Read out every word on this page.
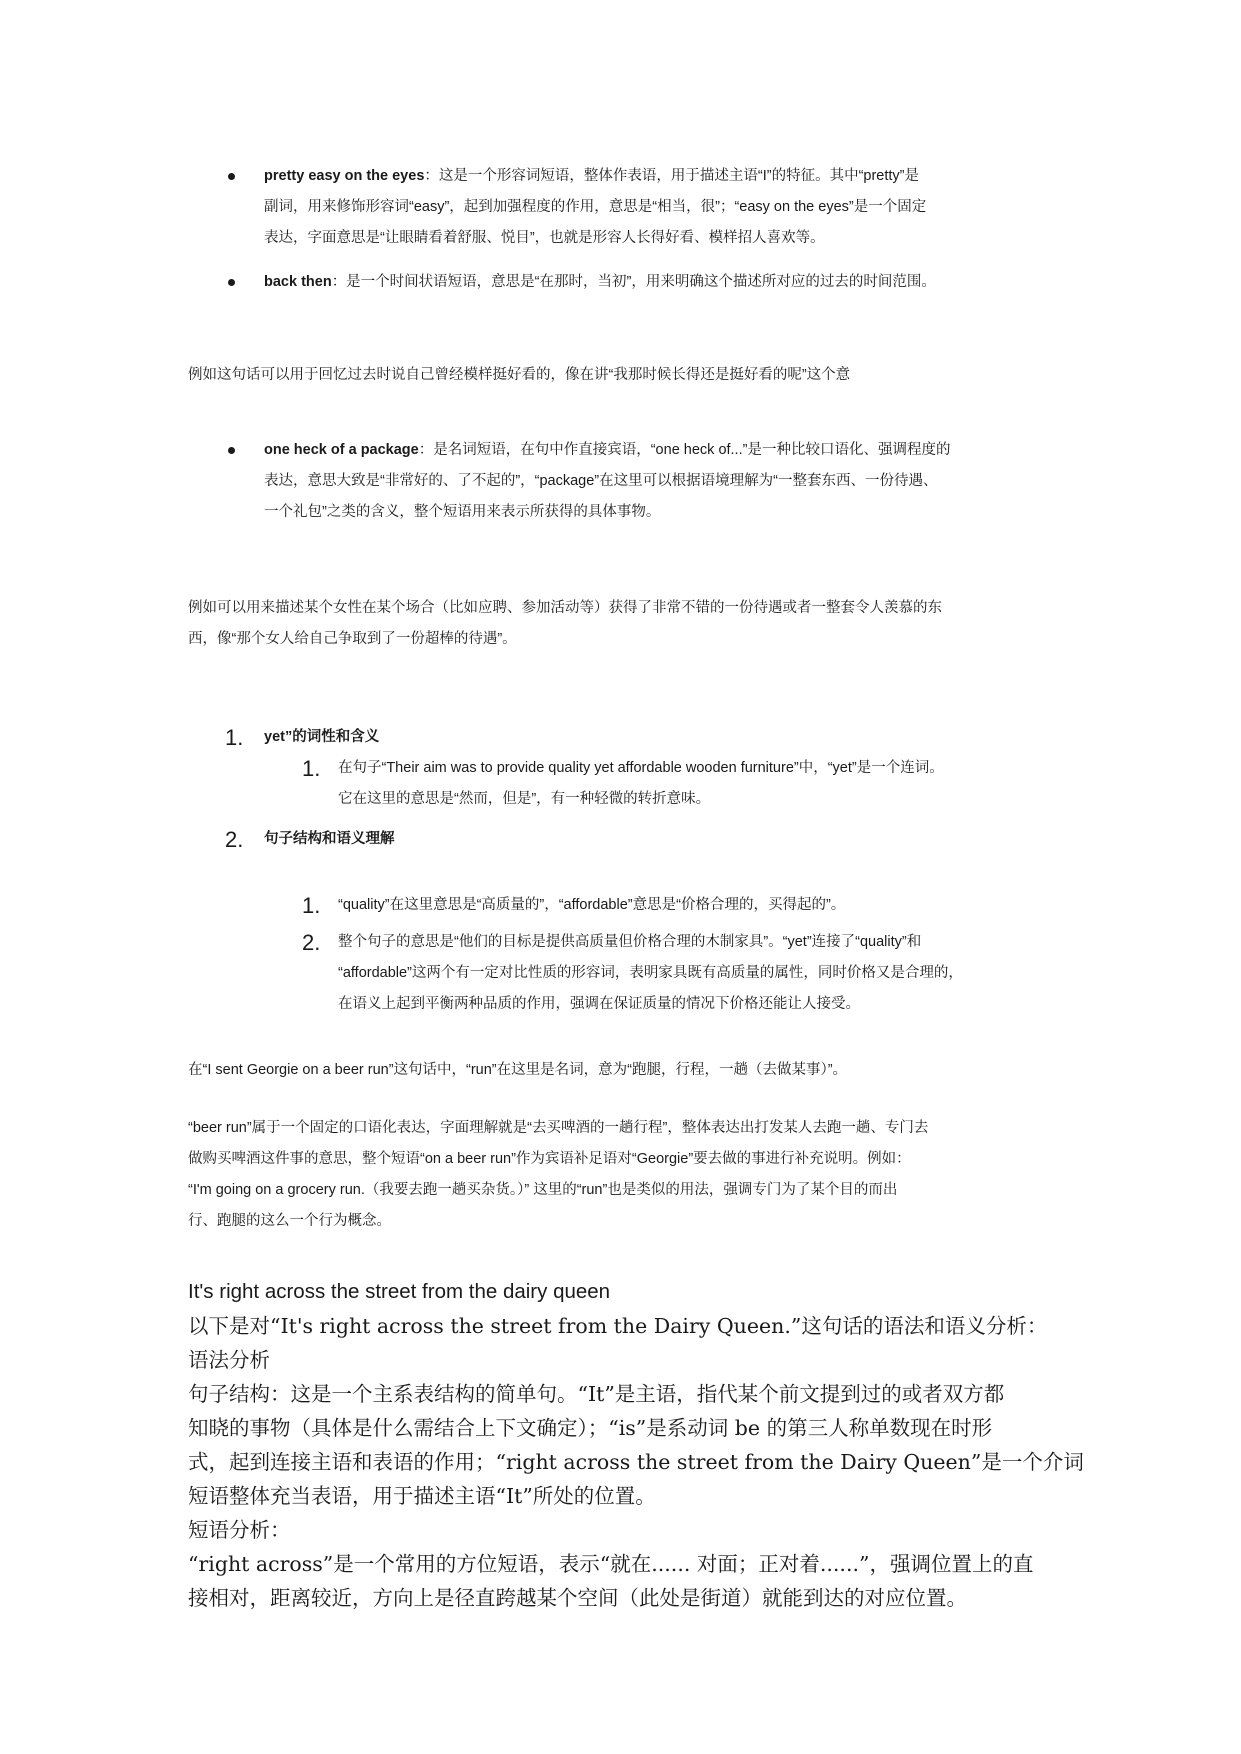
pretty easy on the eyes：这是一个形容词短语，整体作表语，用于描述主语“I”的特征。其中“pretty”是
副词，用来修饰形容词“easy”，起到加强程度的作用，意思是“相当，很”；“easy on the eyes”是一个固定
表达，字面意思是“让眼睛看着舒服、悦目”，也就是形容人长得好看、模样招人喜欢等。
back then：是一个时间状语短语，意思是“在那时，当初”，用来明确这个描述所对应的过去的时间范围。
例如这句话可以用于回忆过去时说自己曾经模样挺好看的，像在讲“我那时候长得还是挺好看的呢”这个意
one heck of a package：是名词短语，在句中作直接宾语，“one heck of...”是一种比较口语化、强调程度的
表达，意思大致是“非常好的、了不起的”，“package”在这里可以根据语境理解为“一整套东西、一份待遇、
一个礼包”之类的含义，整个短语用来表示所获得的具体事物。
例如可以用来描述某个女性在某个场合（比如应聘、参加活动等）获得了非常不错的一份待遇或者一整套令人羡慕的东
西，像“那个女人给自己争取到了一份超棒的待遇”。
1. yet”的词性和含义
1. 在句子“Their aim was to provide quality yet affordable wooden furniture”中，“yet”是一个连词。
它在这里的意思是“然而，但是”，有一种轻微的转折意味。
2. 句子结构和语义理解
1. “quality”在这里意思是“高质量的”，“affordable”意思是“价格合理的，买得起的”。
2. 整个句子的意思是“他们的目标是提供高质量但价格合理的木制家具”。“yet”连接了“quality”和
“affordable”这两个有一定对比性质的形容词，表明家具既有高质量的属性，同时价格又是合理的，
在语义上起到平衡两种品质的作用，强调在保证质量的情况下价格还能让人接受。
在“I sent Georgie on a beer run”这句话中，“run”在这里是名词，意为“跑腿，行程，一趟（去做某事）”。
“beer run”属于一个固定的口语化表达，字面理解就是“去买啤酒的一趟行程”，整体表达出打发某人去跑一趟、专门去
做购买啤酒这件事的意思，整个短语“on a beer run”作为宾语补足语对“Georgie”要去做的事进行补充说明。例如：
“I'm going on a grocery run.（我要去跑一趟买杂货。）” 这里的“run”也是类似的用法，强调专门为了某个目的而出
行、跑腿的这么一个行为概念。
It's right across the street from the dairy queen
以下是对“It's right across the street from the Dairy Queen.”这句话的语法和语义分析：
语法分析
句子结构：这是一个主系表结构的简单句。“It”是主语，指代某个前文提到过的或者双方都
知晓的事物（具体是什么需结合上下文确定）；“is”是系动词 be 的第三人称单数现在时形
式，起到连接主语和表语的作用；“right across the street from the Dairy Queen”是一个介词
短语整体充当表语，用于描述主语“It”所处的位置。
短语分析：
“right across”是一个常用的方位短语，表示“就在...... 对面；正对着......”，强调位置上的直
接相对，距离较近，方向上是径直跨越某个空间（此处是街道）就能到达的对应位置。
